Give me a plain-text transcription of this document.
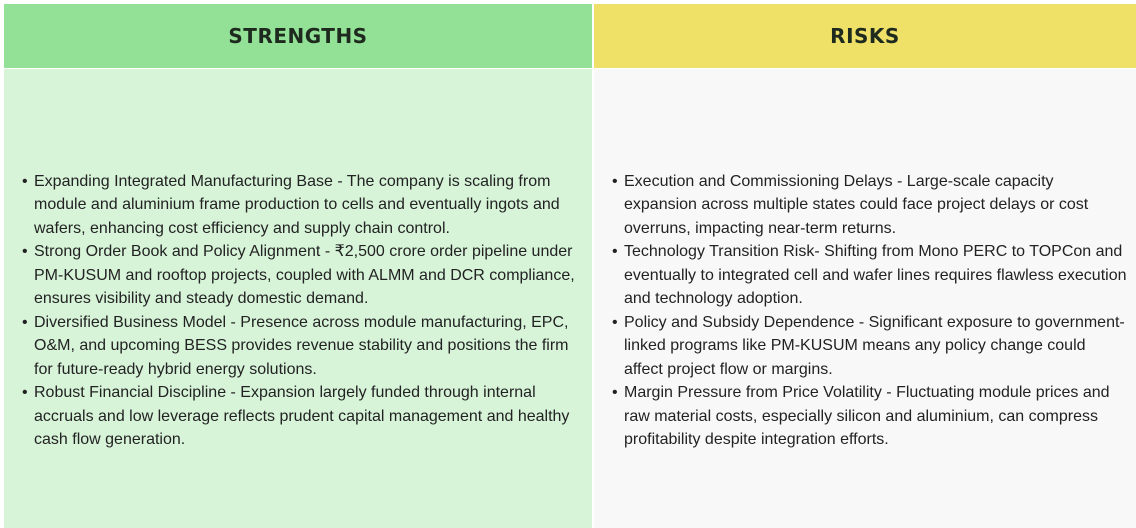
STRENGTHS	RISKS
• Expanding Integrated Manufacturing Base - The company is scaling from module and aluminium frame production to cells and eventually ingots and wafers, enhancing cost efficiency and supply chain control.
• Strong Order Book and Policy Alignment - ₹2,500 crore order pipeline under PM-KUSUM and rooftop projects, coupled with ALMM and DCR compliance, ensures visibility and steady domestic demand.
• Diversified Business Model - Presence across module manufacturing, EPC, O&M, and upcoming BESS provides revenue stability and positions the firm for future-ready hybrid energy solutions.
• Robust Financial Discipline - Expansion largely funded through internal accruals and low leverage reflects prudent capital management and healthy cash flow generation.
• Execution and Commissioning Delays - Large-scale capacity expansion across multiple states could face project delays or cost overruns, impacting near-term returns.
• Technology Transition Risk- Shifting from Mono PERC to TOPCon and eventually to integrated cell and wafer lines requires flawless execution and technology adoption.
• Policy and Subsidy Dependence - Significant exposure to government-linked programs like PM-KUSUM means any policy change could affect project flow or margins.
• Margin Pressure from Price Volatility - Fluctuating module prices and raw material costs, especially silicon and aluminium, can compress profitability despite integration efforts.
